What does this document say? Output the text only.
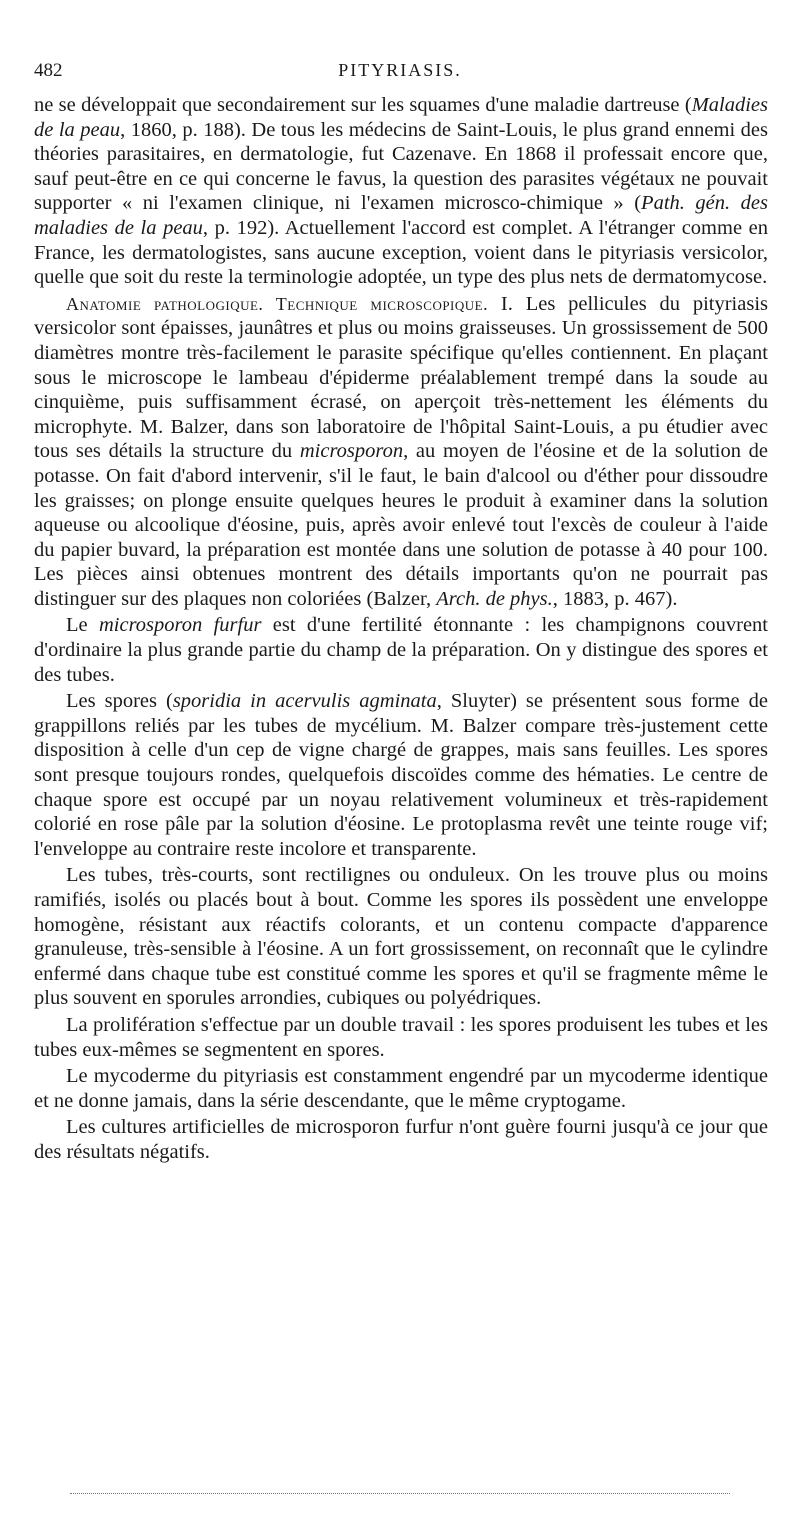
482	PITYRIASIS.

ne se développait que secondairement sur les squames d'une maladie dartreuse (Maladies de la peau, 1860, p. 188). De tous les médecins de Saint-Louis, le plus grand ennemi des théories parasitaires, en dermatologie, fut Cazenave. En 1868 il professait encore que, sauf peut-être en ce qui concerne le favus, la question des parasites végétaux ne pouvait supporter « ni l'examen clinique, ni l'examen microsco-chimique » (Path. gén. des maladies de la peau, p. 192). Actuellement l'accord est complet. A l'étranger comme en France, les dermatologistes, sans aucune exception, voient dans le pityriasis versicolor, quelle que soit du reste la terminologie adoptée, un type des plus nets de dermatomycose.

Anatomie pathologique. Technique microscopique. I. Les pellicules du pityriasis versicolor sont épaisses, jaunâtres et plus ou moins graisseuses. Un grossissement de 500 diamètres montre très-facilement le parasite spécifique qu'elles contiennent. En plaçant sous le microscope le lambeau d'épiderme préalablement trempé dans la soude au cinquième, puis suffisamment écrasé, on aperçoit très-nettement les éléments du microphyte. M. Balzer, dans son laboratoire de l'hôpital Saint-Louis, a pu étudier avec tous ses détails la structure du microsporon, au moyen de l'éosine et de la solution de potasse. On fait d'abord intervenir, s'il le faut, le bain d'alcool ou d'éther pour dissoudre les graisses; on plonge ensuite quelques heures le produit à examiner dans la solution aqueuse ou alcoolique d'éosine, puis, après avoir enlevé tout l'excès de couleur à l'aide du papier buvard, la préparation est montée dans une solution de potasse à 40 pour 100. Les pièces ainsi obtenues montrent des détails importants qu'on ne pourrait pas distinguer sur des plaques non coloriées (Balzer, Arch. de phys., 1883, p. 467).

Le microsporon furfur est d'une fertilité étonnante : les champignons couvrent d'ordinaire la plus grande partie du champ de la préparation. On y distingue des spores et des tubes.

Les spores (sporidia in acervulis agminata, Sluyter) se présentent sous forme de grappillons reliés par les tubes de mycélium. M. Balzer compare très-justement cette disposition à celle d'un cep de vigne chargé de grappes, mais sans feuilles. Les spores sont presque toujours rondes, quelquefois discoïdes comme des hématies. Le centre de chaque spore est occupé par un noyau relativement volumineux et très-rapidement colorié en rose pâle par la solution d'éosine. Le protoplasma revêt une teinte rouge vif; l'enveloppe au contraire reste incolore et transparente.

Les tubes, très-courts, sont rectilignes ou onduleux. On les trouve plus ou moins ramifiés, isolés ou placés bout à bout. Comme les spores ils possèdent une enveloppe homogène, résistant aux réactifs colorants, et un contenu compacte d'apparence granuleuse, très-sensible à l'éosine. A un fort grossissement, on reconnaît que le cylindre enfermé dans chaque tube est constitué comme les spores et qu'il se fragmente même le plus souvent en sporules arrondies, cubiques ou polyédriques.

La prolifération s'effectue par un double travail : les spores produisent les tubes et les tubes eux-mêmes se segmentent en spores.

Le mycoderme du pityriasis est constamment engendré par un mycoderme identique et ne donne jamais, dans la série descendante, que le même cryptogame.

Les cultures artificielles de microsporon furfur n'ont guère fourni jusqu'à ce jour que des résultats négatifs.
